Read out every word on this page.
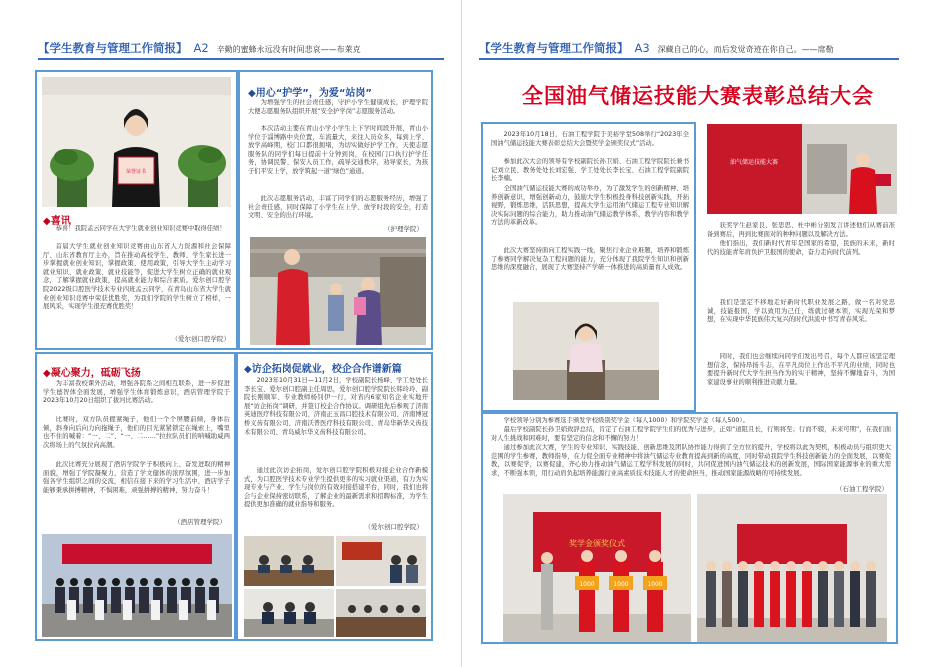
【学生教育与管理工作简报】 A2 辛勤的蜜蜂永远没有时间悲哀——布莱克
荣誉证书
◆喜讯
恭喜！我院孟云同学在大学生就业创业知识竞赛中取得佳绩！
首届大学生就业创业知识竞赛由山东省人力资源和社会保障厅、山东省教育厅主办，旨在推动高校学生、教师、学生家长进一步掌握就业创业知识，掌握政策、使用政策，引导大学生主动学习就业知识、就业政策、就业技能等，促进大学生树立正确的就业观念，了解掌握就业政策，提高就业能力和综合素质。爱尔创口腔学院2022级口腔医学技术专业四班孟云同学，在青岛山东省大学生就业创业知识竞赛中荣获优胜奖，为我们学院的学生树立了榜样，一展风采，实现学生很充赛优胜奖！
（爱尔创口腔学院）
◆用心“护学”，为爱“站岗”
为增强学生的社会责任感，守护小学生健康成长，护理学院大便志愿服务队组织开展“安全护学岗”志愿服务活动。
本次活动主要在青山小学小学生上下学时间段开展，青山小学位于淄博路中央位置，车流量大，来往人员众多，每到上学、放学高峰期，校门口都很拥堵，为切实做好护学工作，天使志愿服务队的同学们每日提前十分钟到岗，在校园门口执行护学任务，协调民警、保安人员工作，疏导交通秩序，劝导家长，为孩子们平安上学，放学筑起一道“绿色”通道。
此次志愿服务活动，丰富了同学们的志愿服务经历，增强了社会责任感，同时保障了小学生在上学、放学时段的安全，打造文明、安全的出行环境。
（护理学院）
◆凝心聚力，砥砺飞扬
为丰富我校课外活动，增强各院系之间相互联系，进一步促进学生德智体全面发展，增强学生体育锻炼意识，酒店管理学院于2023年10月20日组织了拔河比赛活动。
比赛时，双方队员握紧绳子，他们一个个屏腰前倾，身体后倾，斜身向后向力向拖绳子，他们的目光紧紧锁定在绳索上，嘴里也不住的喊着：“一、二”、“一、二……”拉拉队员们的呐喊助威两次将场上的气氛拉向高潮。
此次比赛充分展现了酒店学院学子积极向上、奋发进取的精神面貌，增强了学院凝聚力，营造了学文健体的浓厚氛围，进一步加强各学生组织之间的交流，相信在接下来的学习生活中，酒店学子能够秉承拼搏精神，不惧困难，顽强拼搏的精神，努力奋斗！
（酒店管理学院）
◆访企拓岗促就业，校企合作谱新篇
2023年10月31日—11月2日，学校副院长杨峰、学工处处长李长宝、爱尔创口腔副主任周思，爱尔创口腔学院院长韩玲玲、副院长刚顺军、专业教师杨钊伊一行，对省内6家知名企业实地开展“访企拓岗”调研，并签订校企合作协议。调研组先后参观了济南英迪医疗科技有限公司、济南正玉昌口腔技术有限公司、济南博冠桥义齿有限公司、济南沃普医疗科技有限公司、青岛华新华义齿技术有限公司、青岛威尔华义齿科技有限公司。
通过此次访企拓岗，爱尔创口腔学院积极对接企业合作新模式，为口腔医学技术专业学生提供更多的实习就业渠道，有力为实现专业与产业、学生与岗位的有效对接搭建平台，同时，我们也将会与企业保持密切联系，了解企业的最新需求和招聘标准，为学生提供更加准确的就业指导和服务。
（爱尔创口腔学院）
【学生教育与管理工作简报】 A3 深藏自己的心，而后发觉奇迹在你自己。——席勒
全国油气储运技能大赛表彰总结大会
2023年10月18日，石油工程学院于美裕学堂508举行“2023年全国油气储运技能大赛表彰总结大会暨奖学金颁奖仪式”活动。
参加此次大会的领导有学校副院长孙卫娟、石油工程学院院长兼书记刘立民、教务处处长刘宏强、学工处处长李长宝、石油工程学院副院长李楠。
全国油气储运技能大赛的成功举办，为了激发学生的创新精神、培养创新意识，增强创新动力，鼓励大学生积极投身科技创新实践，开拓视野，锻炼思维，活跃思想，提高大学生运用油气储运工程专业知识解决实际问题的综合能力，助力推动油气储运教学体系，教学内容和教学方法的革新改革。
此次大赛坚持面向工程实践一线，聚焦行业企业难题，培养和锻炼了参赛同学解决复杂工程问题的能力，充分体现了我院学生知识和创新思维的深度融合，展现了大赛坚持产学研一体推进的高质量育人成效。
油气储运技能大赛
获奖学生赵家良、张思思、杜中彬分别发言讲述他们从赛前准备到赛后，再到比赛面对的种种问题以及解决方法。
他们指出，我们新时代青年是国家的希望，民族的未来，新时代的技能青年肩负护卫报国的使命，奋力走向时代前列。
我们是坚定不移地走好新时代职业发展之路，做一名对党忠诚，技能报国，学以致用为己任，练就过硬本领，实现光荣和梦想，在实现中华民族伟大复兴的时代洪流中书写青春风采。
同时，我们也会继续向同学们发出号召，每个人都应该坚定理想信念，保持昂扬斗志，在平凡岗位上作出不平凡的业绩，同时也要提升新时代大学生担当作为的实干精神，坚持不懈地奋斗，为国家建设事业的顺利推进贡献力量。
学校领导分别为参赛选手颁发学校级别奖学金（每人1000）和学院奖学金（每人500）。
最后学校副院长孙卫娟致辞总结，肯定了石油工程学院学生们的优秀与进步，正如“道阻且长，行则将至；行而不辍，未来可期”，在我们面对人生挑战和困难时，要有坚定的信念和不懈的努力！
通过参加此次大赛，学生的专业知识、实践技能、创新思维及团队协作能力得到了全方位的提升，学校将以此为契机，积极动员与组织更大范围的学生参赛，教师指导，在力促全面专业精神中将油气储运专业教育提高到新的高度，同时带动我院学生科技创新能力的全面发展，以赛促教，以赛促学，以赛促建，齐心协力推动油气储运工程学科发展的同时，共同促进国内油气储运技术的创新发展，国际国家能源事业的重大需求，不断强本领，用行动肩负起培养能源行业高素质技术技能人才的使命担当，推动国家能源战略的可持续发展。
（石油工程学院）
奖学金颁奖仪式
1000	1000	1000
